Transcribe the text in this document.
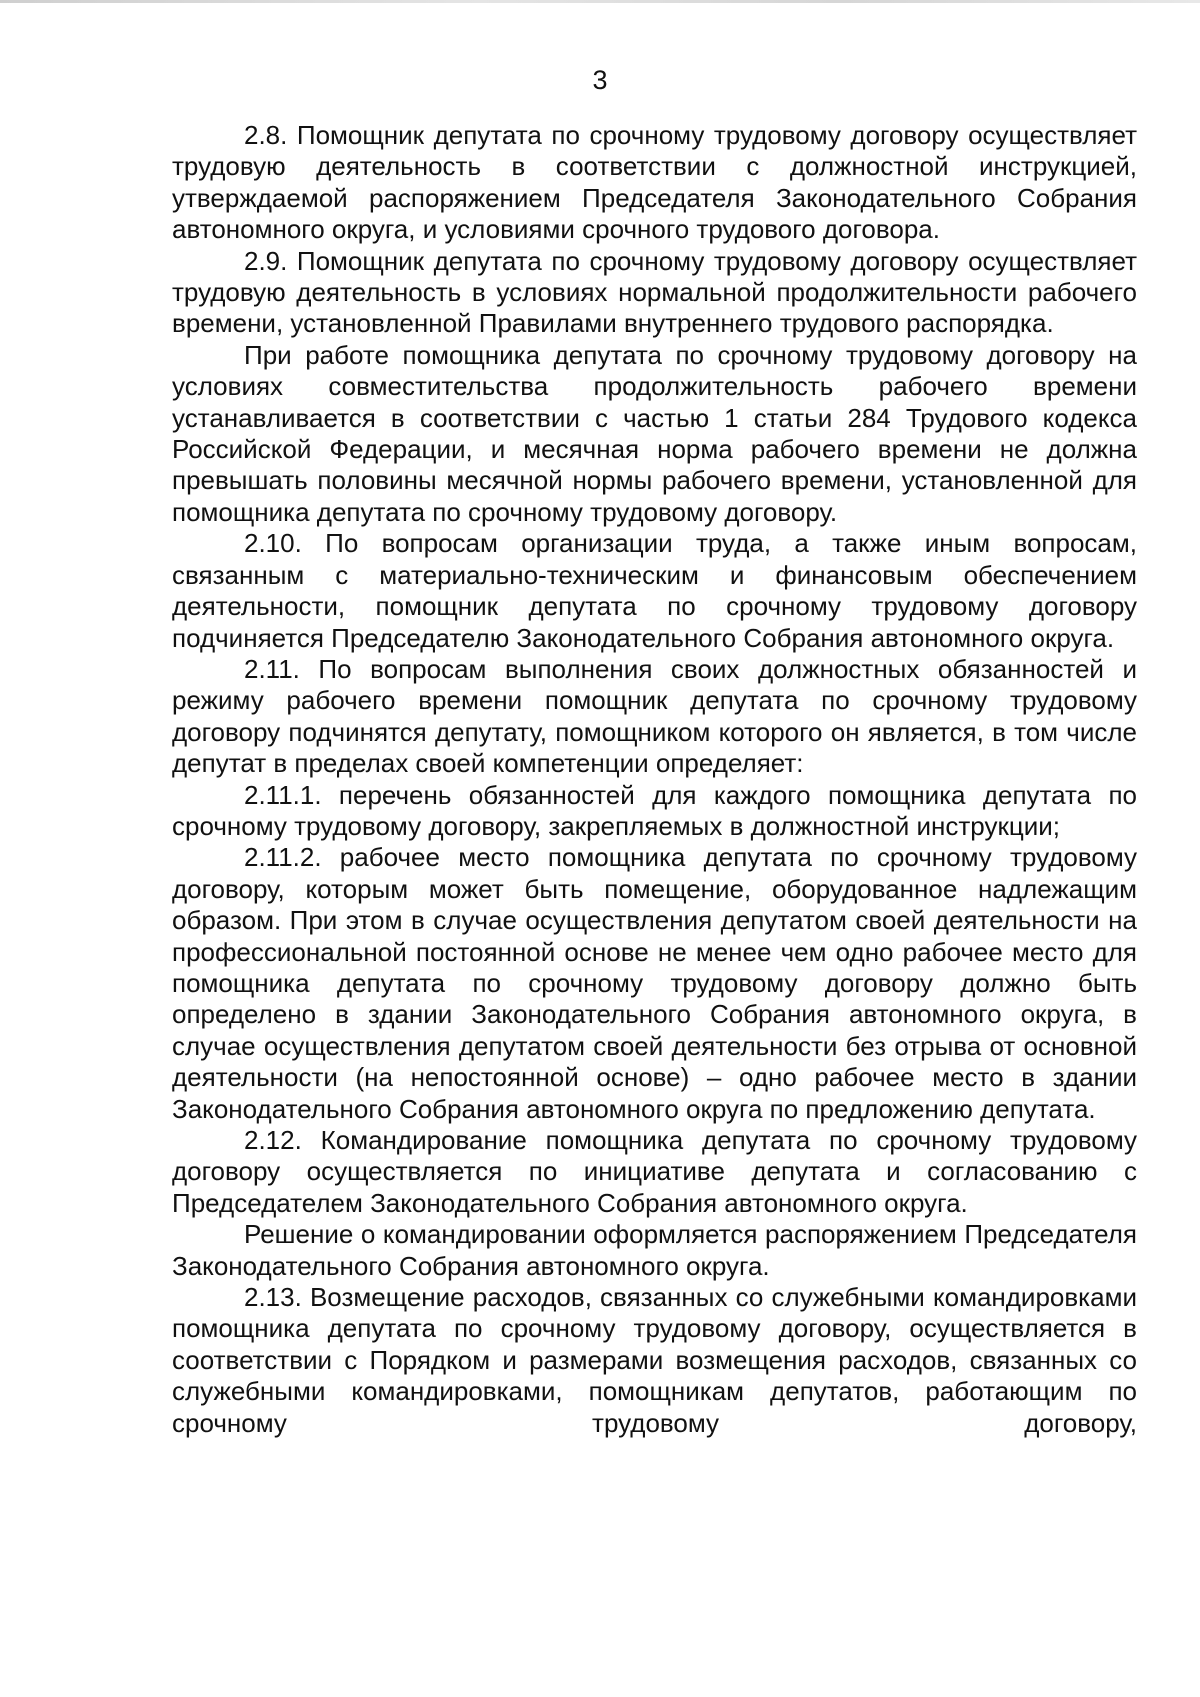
3

2.8. Помощник депутата по срочному трудовому договору осуществляет трудовую деятельность в соответствии с должностной инструкцией, утверждаемой распоряжением Председателя Законодательного Собрания автономного округа, и условиями срочного трудового договора.

2.9. Помощник депутата по срочному трудовому договору осуществляет трудовую деятельность в условиях нормальной продолжительности рабочего времени, установленной Правилами внутреннего трудового распорядка.

При работе помощника депутата по срочному трудовому договору на условиях совместительства продолжительность рабочего времени устанавливается в соответствии с частью 1 статьи 284 Трудового кодекса Российской Федерации, и месячная норма рабочего времени не должна превышать половины месячной нормы рабочего времени, установленной для помощника депутата по срочному трудовому договору.

2.10. По вопросам организации труда, а также иным вопросам, связанным с материально-техническим и финансовым обеспечением деятельности, помощник депутата по срочному трудовому договору подчиняется Председателю Законодательного Собрания автономного округа.

2.11. По вопросам выполнения своих должностных обязанностей и режиму рабочего времени помощник депутата по срочному трудовому договору подчинятся депутату, помощником которого он является, в том числе депутат в пределах своей компетенции определяет:

2.11.1. перечень обязанностей для каждого помощника депутата по срочному трудовому договору, закрепляемых в должностной инструкции;

2.11.2. рабочее место помощника депутата по срочному трудовому договору, которым может быть помещение, оборудованное надлежащим образом. При этом в случае осуществления депутатом своей деятельности на профессиональной постоянной основе не менее чем одно рабочее место для помощника депутата по срочному трудовому договору должно быть определено в здании Законодательного Собрания автономного округа, в случае осуществления депутатом своей деятельности без отрыва от основной деятельности (на непостоянной основе) – одно рабочее место в здании Законодательного Собрания автономного округа по предложению депутата.

2.12. Командирование помощника депутата по срочному трудовому договору осуществляется по инициативе депутата и согласованию с Председателем Законодательного Собрания автономного округа.

Решение о командировании оформляется распоряжением Председателя Законодательного Собрания автономного округа.

2.13. Возмещение расходов, связанных со служебными командировками помощника депутата по срочному трудовому договору, осуществляется в соответствии с Порядком и размерами возмещения расходов, связанных со служебными командировками, помощникам депутатов, работающим по срочному трудовому договору,
